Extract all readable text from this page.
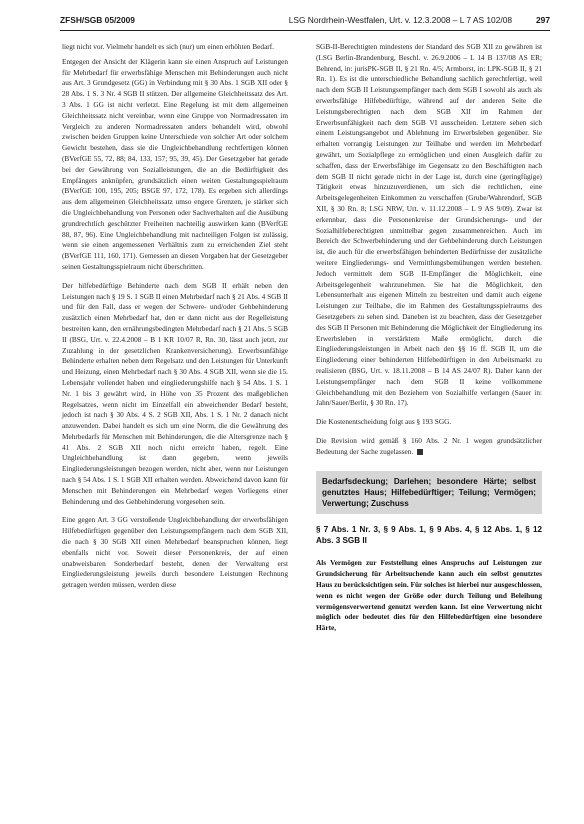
ZFSH/SGB 05/2009	LSG Nordrhein-Westfalen, Urt. v. 12.3.2008 – L 7 AS 102/08	297

liegt nicht vor. Vielmehr handelt es sich (nur) um einen erhöhten Bedarf.

Entgegen der Ansicht der Klägerin kann sie einen Anspruch auf Leistungen für Mehrbedarf für erwerbsfähige Menschen mit Behinderungen auch nicht aus Art. 3 Grundgesetz (GG) in Verbindung mit § 30 Abs. 1 SGB XII oder § 28 Abs. 1 S. 3 Nr. 4 SGB II stützen. Der allgemeine Gleichheitssatz des Art. 3 Abs. 1 GG ist nicht verletzt. Eine Regelung ist mit dem allgemeinen Gleichheitssatz nicht vereinbar, wenn eine Gruppe von Normadressaten im Vergleich zu anderen Normadressaten anders behandelt wird, obwohl zwischen beiden Gruppen keine Unterschiede von solcher Art oder solchem Gewicht bestehen, dass sie die Ungleichbehandlung rechtfertigen können (BVerfGE 55, 72, 88; 84, 133, 157; 95, 39, 45). Der Gesetzgeber hat gerade bei der Gewährung von Sozialleistungen, die an die Bedürftigkeit des Empfängers anknüpfen, grundsätzlich einen weiten Gestaltungsspielraum (BVerfGE 100, 195, 205; BSGE 97, 172, 178). Es ergeben sich allerdings aus dem allgemeinen Gleichheitssatz umso engere Grenzen, je stärker sich die Ungleichbehandlung von Personen oder Sachverhalten auf die Ausübung grundrechtlich geschützter Freiheiten nachteilig auswirken kann (BVerfGE 88, 87, 96). Eine Ungleichbehandlung mit nachteiligen Folgen ist zulässig, wenn sie einen angemessenen Verhältnis zum zu erreichenden Ziel steht (BVerfGE 111, 160, 171). Gemessen an diesen Vorgaben hat der Gesetzgeber seinen Gestaltungsspielraum nicht überschritten.

Der hilfebedürftige Behinderte nach dem SGB II erhält neben den Leistungen nach § 19 S. 1 SGB II einen Mehrbedarf nach § 21 Abs. 4 SGB II und für den Fall, dass er wegen der Schwere- und/oder Gehbehinderung zusätzlich einen Mehrbedarf hat, den er dann nicht aus der Regelleistung bestreiten kann, den ernährungsbedingten Mehrbedarf nach § 21 Abs. 5 SGB II (BSG, Urt. v. 22.4.2008 – B 1 KR 10/07 R, Rn. 30, lässt auch jetzt, zur Zuzahlung in der gesetzlichen Krankenversicherung). Erwerbsunfähige Behinderte erhalten neben dem Regelsatz und den Leistungen für Unterkunft und Heizung, einen Mehrbedarf nach § 30 Abs. 4 SGB XII, wenn sie die 15. Lebensjahr vollendet haben und eingliederungshilfe nach § 54 Abs. 1 S. 1 Nr. 1 bis 3 gewährt wird, in Höhe von 35 Prozent des maßgeblichen Regelsatzes, wenn nicht im Einzelfall ein abweichender Bedarf besteht, jedoch ist nach § 30 Abs. 4 S. 2 SGB XII, Abs. 1 S. 1 Nr. 2 danach nicht anzuwenden. Dabei handelt es sich um eine Norm, die die Gewährung des Mehrbedarfs für Menschen mit Behinderungen, die die Altersgrenze nach § 41 Abs. 2 SGB XII noch nicht erreicht haben, regelt. Eine Ungleichbehandlung ist dann gegeben, wenn jeweils Eingliederungsleistungen bezogen werden, nicht aber, wenn nur Leistungen nach § 54 Abs. 1 S. 1 SGB XII erhalten werden. Abweichend davon kann für Menschen mit Behinderungen ein Mehrbedarf wegen Vorliegens einer Behinderung und des Gehbehinderung vorgesehen sein.

Eine gegen Art. 3 GG verstoßende Ungleichbehandlung der erwerbsfähigen Hilfebedürftigen gegenüber den Leistungsempfängern nach dem SGB XII, die nach § 30 SGB XII einen Mehrbedarf beanspruchen können, liegt ebenfalls nicht vor. Soweit dieser Personenkreis, der auf einen unabweisbaren Sonderbedarf besteht, denen der Verwaltung erst Eingliederungsleistung jeweils durch besondere Leistungen Rechnung getragen werden müssen, werden diese

SGB-II-Berechtigten mindestens der Standard des SGB XII zu gewähren ist (LSG Berlin-Brandenburg, Beschl. v. 26.9.2006 – L 14 B 137/08 AS ER; Behrend, in: jurisPK-SGB II, § 21 Rn. 4/5; Armborst, in: LPK-SGB II, § 21 Rn. 1). Es ist die unterschiedliche Behandlung sachlich gerechtfertigt, weil nach dem SGB II Leistungsempfänger nach dem SGB I sowohl als auch als erwerbsfähige Hilfebedürftige, während auf der anderen Seite die Leistungsberechtigten nach dem SGB XII im Rahmen der Erwerbsunfähigkeit nach dem SGB VI ausscheiden. Letztere sehen sich einem Leistungsangebot und Ablehnung im Erwerbsleben gegenüber. Sie erhalten vorrangig Leistungen zur Teilhabe und werden im Mehrbedarf gewährt, um Sozialpflege zu ermöglichen und einen Ausgleich dafür zu schaffen, dass der Erwerbsfähige im Gegensatz zu den Beschäftigten nach dem SGB II nicht gerade nicht in der Lage ist, durch eine (geringfügige) Tätigkeit etwas hinzuzuverdienen, um sich die rechtlichen, eine Arbeitsgelegenheiten Einkommen zu verschaffen (Grube/Wahrendorf, SGB XII, § 30 Rn. 8; LSG NRW, Urt. v. 11.12.2008 – L 9 AS 9/09). Zwar ist erkennbar, dass die Personenkreise der Grundsicherungs- und der Sozialhilfeberechtigten unmittelbar gegen zusammenreichen. Auch im Bereich der Schwerbehinderung und der Gehbehinderung durch Leistungen ist, die auch für die erwerbsfähigen behinderten Bedürfnisse der zusätzliche weitere Eingliederungs- und Vermittlungsbemühungen werden bestehen. Jedoch vermittelt dem SGB II-Empfänger die Möglichkeit, eine Arbeitsgelegenheit wahrzunehmen. Sie hat die Möglichkeit, den Lebensunterhalt aus eigenen Mitteln zu bestreiten und damit auch eigene Leistungen zur Teilhabe, die im Rahmen des Gestaltungsspielraums des Gesetzgebers zu sehen sind. Daneben ist zu beachten, dass der Gesetzgeber des SGB II Personen mit Behinderung die Möglichkeit der Eingliederung ins Erwerbsleben in verstärktem Maße ermöglicht, durch die Eingliederungsleistungen in Arbeit nach den §§ 16 ff. SGB II, um die Eingliederung einer behinderten Hilfebedürftigen in den Arbeitsmarkt zu realisieren (BSG, Urt. v. 18.11.2008 – B 14 AS 24/07 R). Daher kann der Leistungsempfänger nach dem SGB II keine vollkommene Gleichbehandlung mit den Beziehern von Sozialhilfe verlangen (Sauer in: Jahn/Sauer/Berlit, § 30 Rn. 17).

Die Kostenentscheidung folgt aus § 193 SGG.

Die Revision wird gemäß § 160 Abs. 2 Nr. 1 wegen grundsätzlicher Bedeutung der Sache zugelassen.

Bedarfsdeckung; Darlehen; besondere Härte; selbst genutztes Haus; Hilfebedürftiger; Teilung; Vermögen; Verwertung; Zuschuss
§ 7 Abs. 1 Nr. 3, § 9 Abs. 1, § 9 Abs. 4, § 12 Abs. 1, § 12 Abs. 3 SGB II
Als Vermögen zur Feststellung eines Anspruchs auf Leistungen zur Grundsicherung für Arbeitsuchende kann auch ein selbst genutztes Haus zu berücksichtigen sein. Für solches ist hierbei nur ausgeschlossen, wenn es nicht wegen der Größe oder durch Teilung und Beleihung vermögensverwertend genutzt werden kann. Ist eine Verwertung nicht möglich oder bedeutet dies für den Hilfebedürftigen eine besondere Härte,
